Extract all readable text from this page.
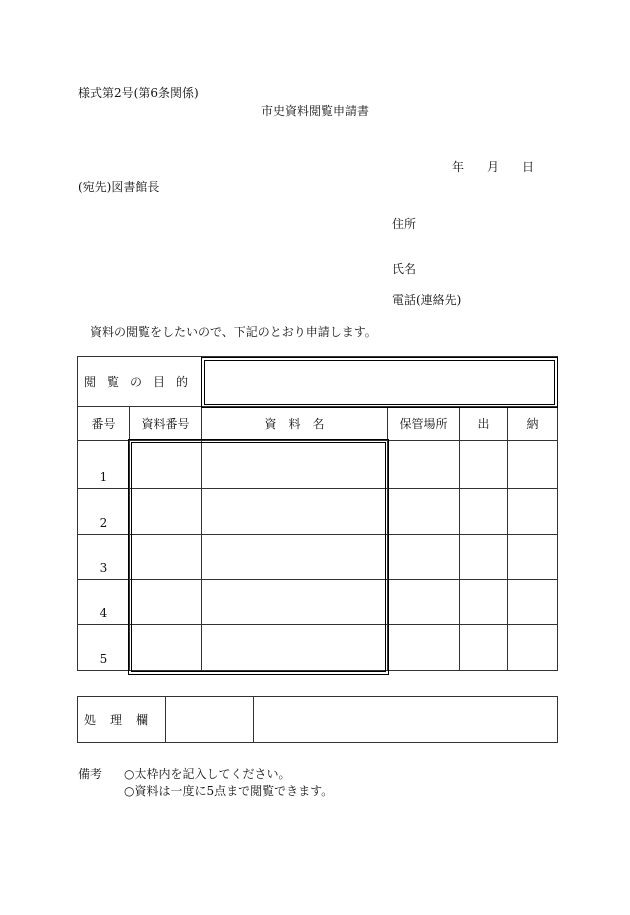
様式第2号(第6条関係)
市史資料閲覧申請書
年 月 日
(宛先)図書館長
住所
氏名
電話(連絡先)
資料の閲覧をしたいので、下記のとおり申請します。
閲覧の目的					
番号	資料番号	資　料　名	保管場所	出	納
1					
2					
3					
4					
5					
処理欄		
備考 ○太枠内を記入してください。
○資料は一度に5点まで閲覧できます。
